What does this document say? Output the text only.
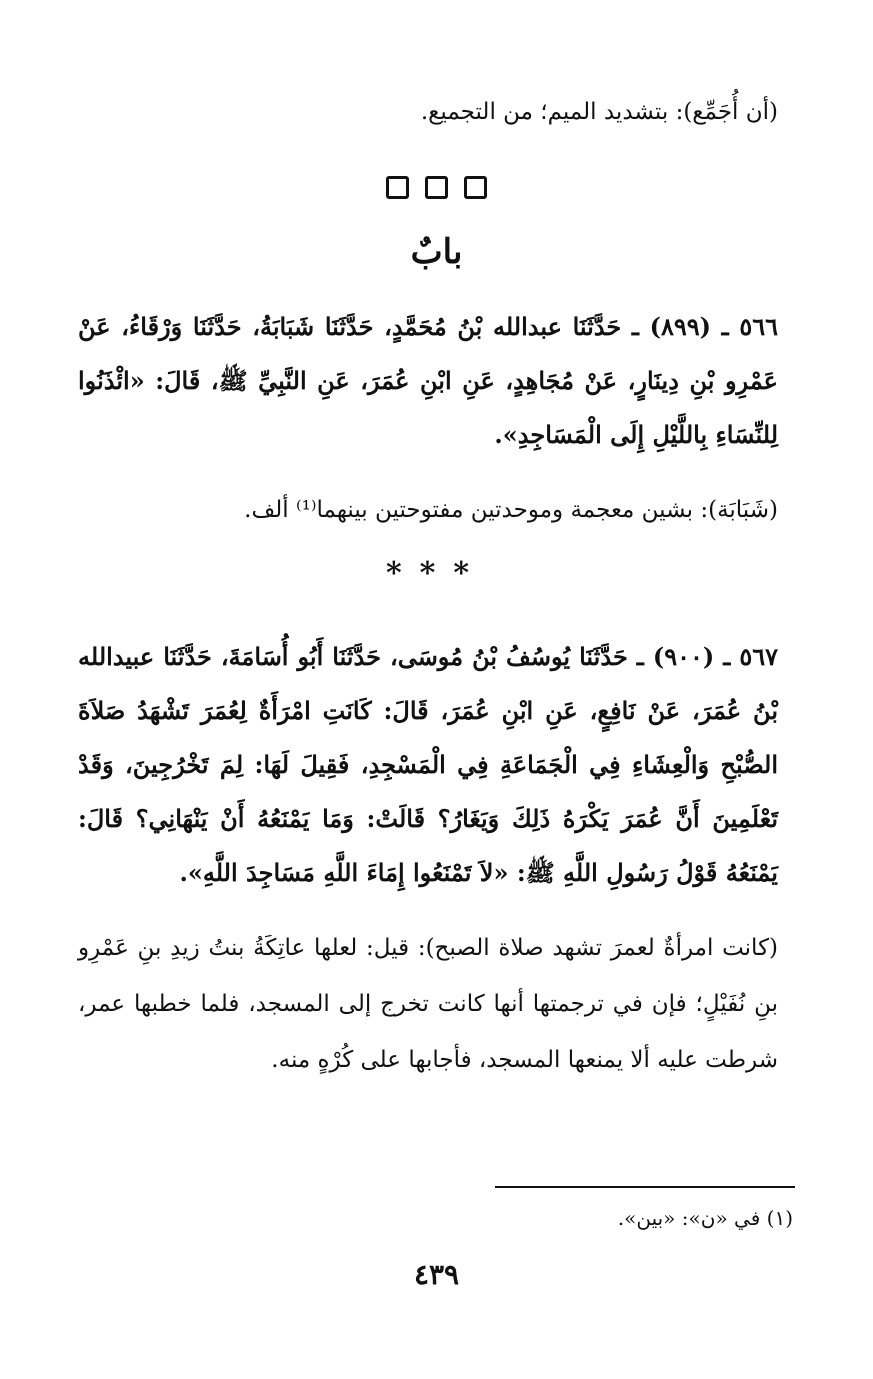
(أن أُجَمِّع): بتشديد الميم؛ من التجميع.

بابٌ

٥٦٦ ـ (٨٩٩) ـ حَدَّثَنَا عبدالله بْنُ مُحَمَّدٍ، حَدَّثَنَا شَبَابَةُ، حَدَّثَنَا وَرْقَاءُ، عَنْ عَمْرِو بْنِ دِينَارٍ، عَنْ مُجَاهِدٍ، عَنِ ابْنِ عُمَرَ، عَنِ النَّبِيِّ ﷺ، قَالَ: «ائْذَنُوا لِلنِّسَاءِ بِاللَّيْلِ إِلَى الْمَسَاجِدِ».

(شَبَابَة): بشين معجمة وموحدتين مفتوحتين بينهما⁽¹⁾ ألف.

***

٥٦٧ ـ (٩٠٠) ـ حَدَّثَنَا يُوسُفُ بْنُ مُوسَى، حَدَّثَنَا أَبُو أُسَامَةَ، حَدَّثَنَا عبيدالله بْنُ عُمَرَ، عَنْ نَافِعٍ، عَنِ ابْنِ عُمَرَ، قَالَ: كَانَتِ امْرَأَةٌ لِعُمَرَ تَشْهَدُ صَلاَةَ الصُّبْحِ وَالْعِشَاءِ فِي الْجَمَاعَةِ فِي الْمَسْجِدِ، فَقِيلَ لَهَا: لِمَ تَخْرُجِينَ، وَقَدْ تَعْلَمِينَ أَنَّ عُمَرَ يَكْرَهُ ذَلِكَ وَيَغَارُ؟ قَالَتْ: وَمَا يَمْنَعُهُ أَنْ يَنْهَانِي؟ قَالَ: يَمْنَعُهُ قَوْلُ رَسُولِ اللَّهِ ﷺ: «لاَ تَمْنَعُوا إِمَاءَ اللَّهِ مَسَاجِدَ اللَّهِ».

(كانت امرأةٌ لعمرَ تشهد صلاة الصبح): قيل: لعلها عاتِكَةُ بنتُ زيدِ بنِ عَمْرِو بنِ نُفَيْلٍ؛ فإن في ترجمتها أنها كانت تخرج إلى المسجد، فلما خطبها عمر، شرطت عليه ألا يمنعها المسجد، فأجابها على كُرْهٍ منه.

(١) في «ن»: «بين».
٤٣٩
